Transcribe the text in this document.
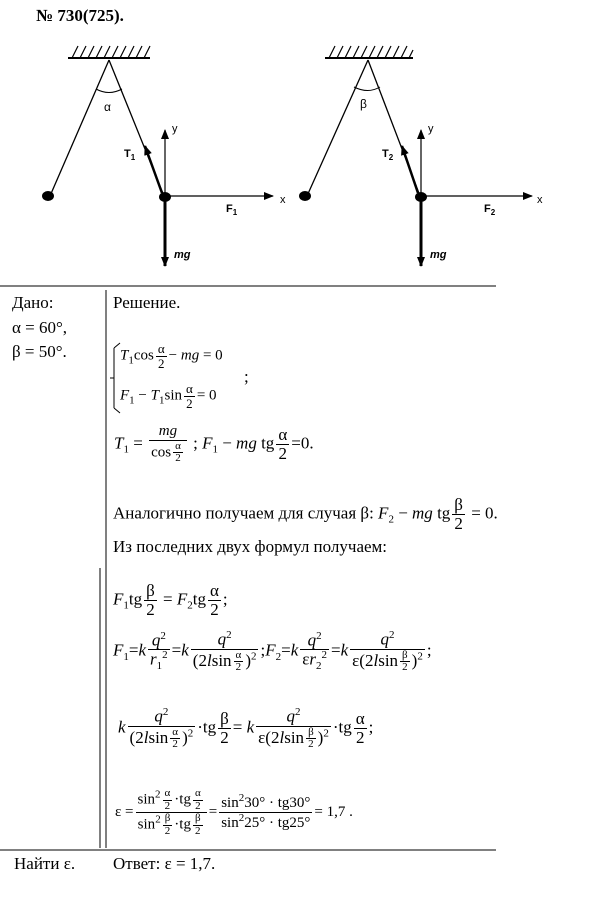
№ 730(725).
α	β
y	y
x	x
$T_1$	$T_2$
$F_1$	$F_2$
mg	mg
Дано:
α = 60°,
β = 50°.
Найти ε.
Решение.
$T_1\cos \frac{\alpha}{2}$ − mg = 0
$F_1 - T_1\sin \frac{\alpha}{2} = 0$
;
$T_1 = \frac{mg}{\cos \frac{\alpha}{2}}$ ; $F_1$ − mg tg $\frac{\alpha}{2} =0$.
Аналогично получаем для случая β: $F_2$ − mg tg $\frac{\beta}{2} = 0$.
Из последних двух формул получаем:
$F_1tg \frac{\beta}{2} = F_2tg \frac{\alpha}{2}$ ;
$F_1=k \frac{q^2}{r_1^2} =k \frac{q^2}{(2lsin \frac{\alpha}{2} )^2}$ $;F_2=k \frac{q^2}{\varepsilon r_2^2} =k \frac{q^2}{\varepsilon(2lsin \frac{\beta}{2} )^2}$ ;
k $\frac{q^2}{(2lsin \frac{\alpha}{2} )^2} \cdot tg \frac{\beta}{2} = k \frac{q^2}{\varepsilon(2lsin \frac{\beta}{2} )^2} \cdot tg \frac{\alpha}{2}$ ;
$\varepsilon = \frac{\sin^2 \frac{\alpha}{2} \cdot tg \frac{\alpha}{2}}{\sin^2 \frac{\beta}{2} \cdot tg \frac{\beta}{2}} = \frac{\sin^230^\circ \cdot tg30^\circ}{\sin^225^\circ \cdot tg25^\circ} = 1,7$ .
Ответ: ε = 1,7.
